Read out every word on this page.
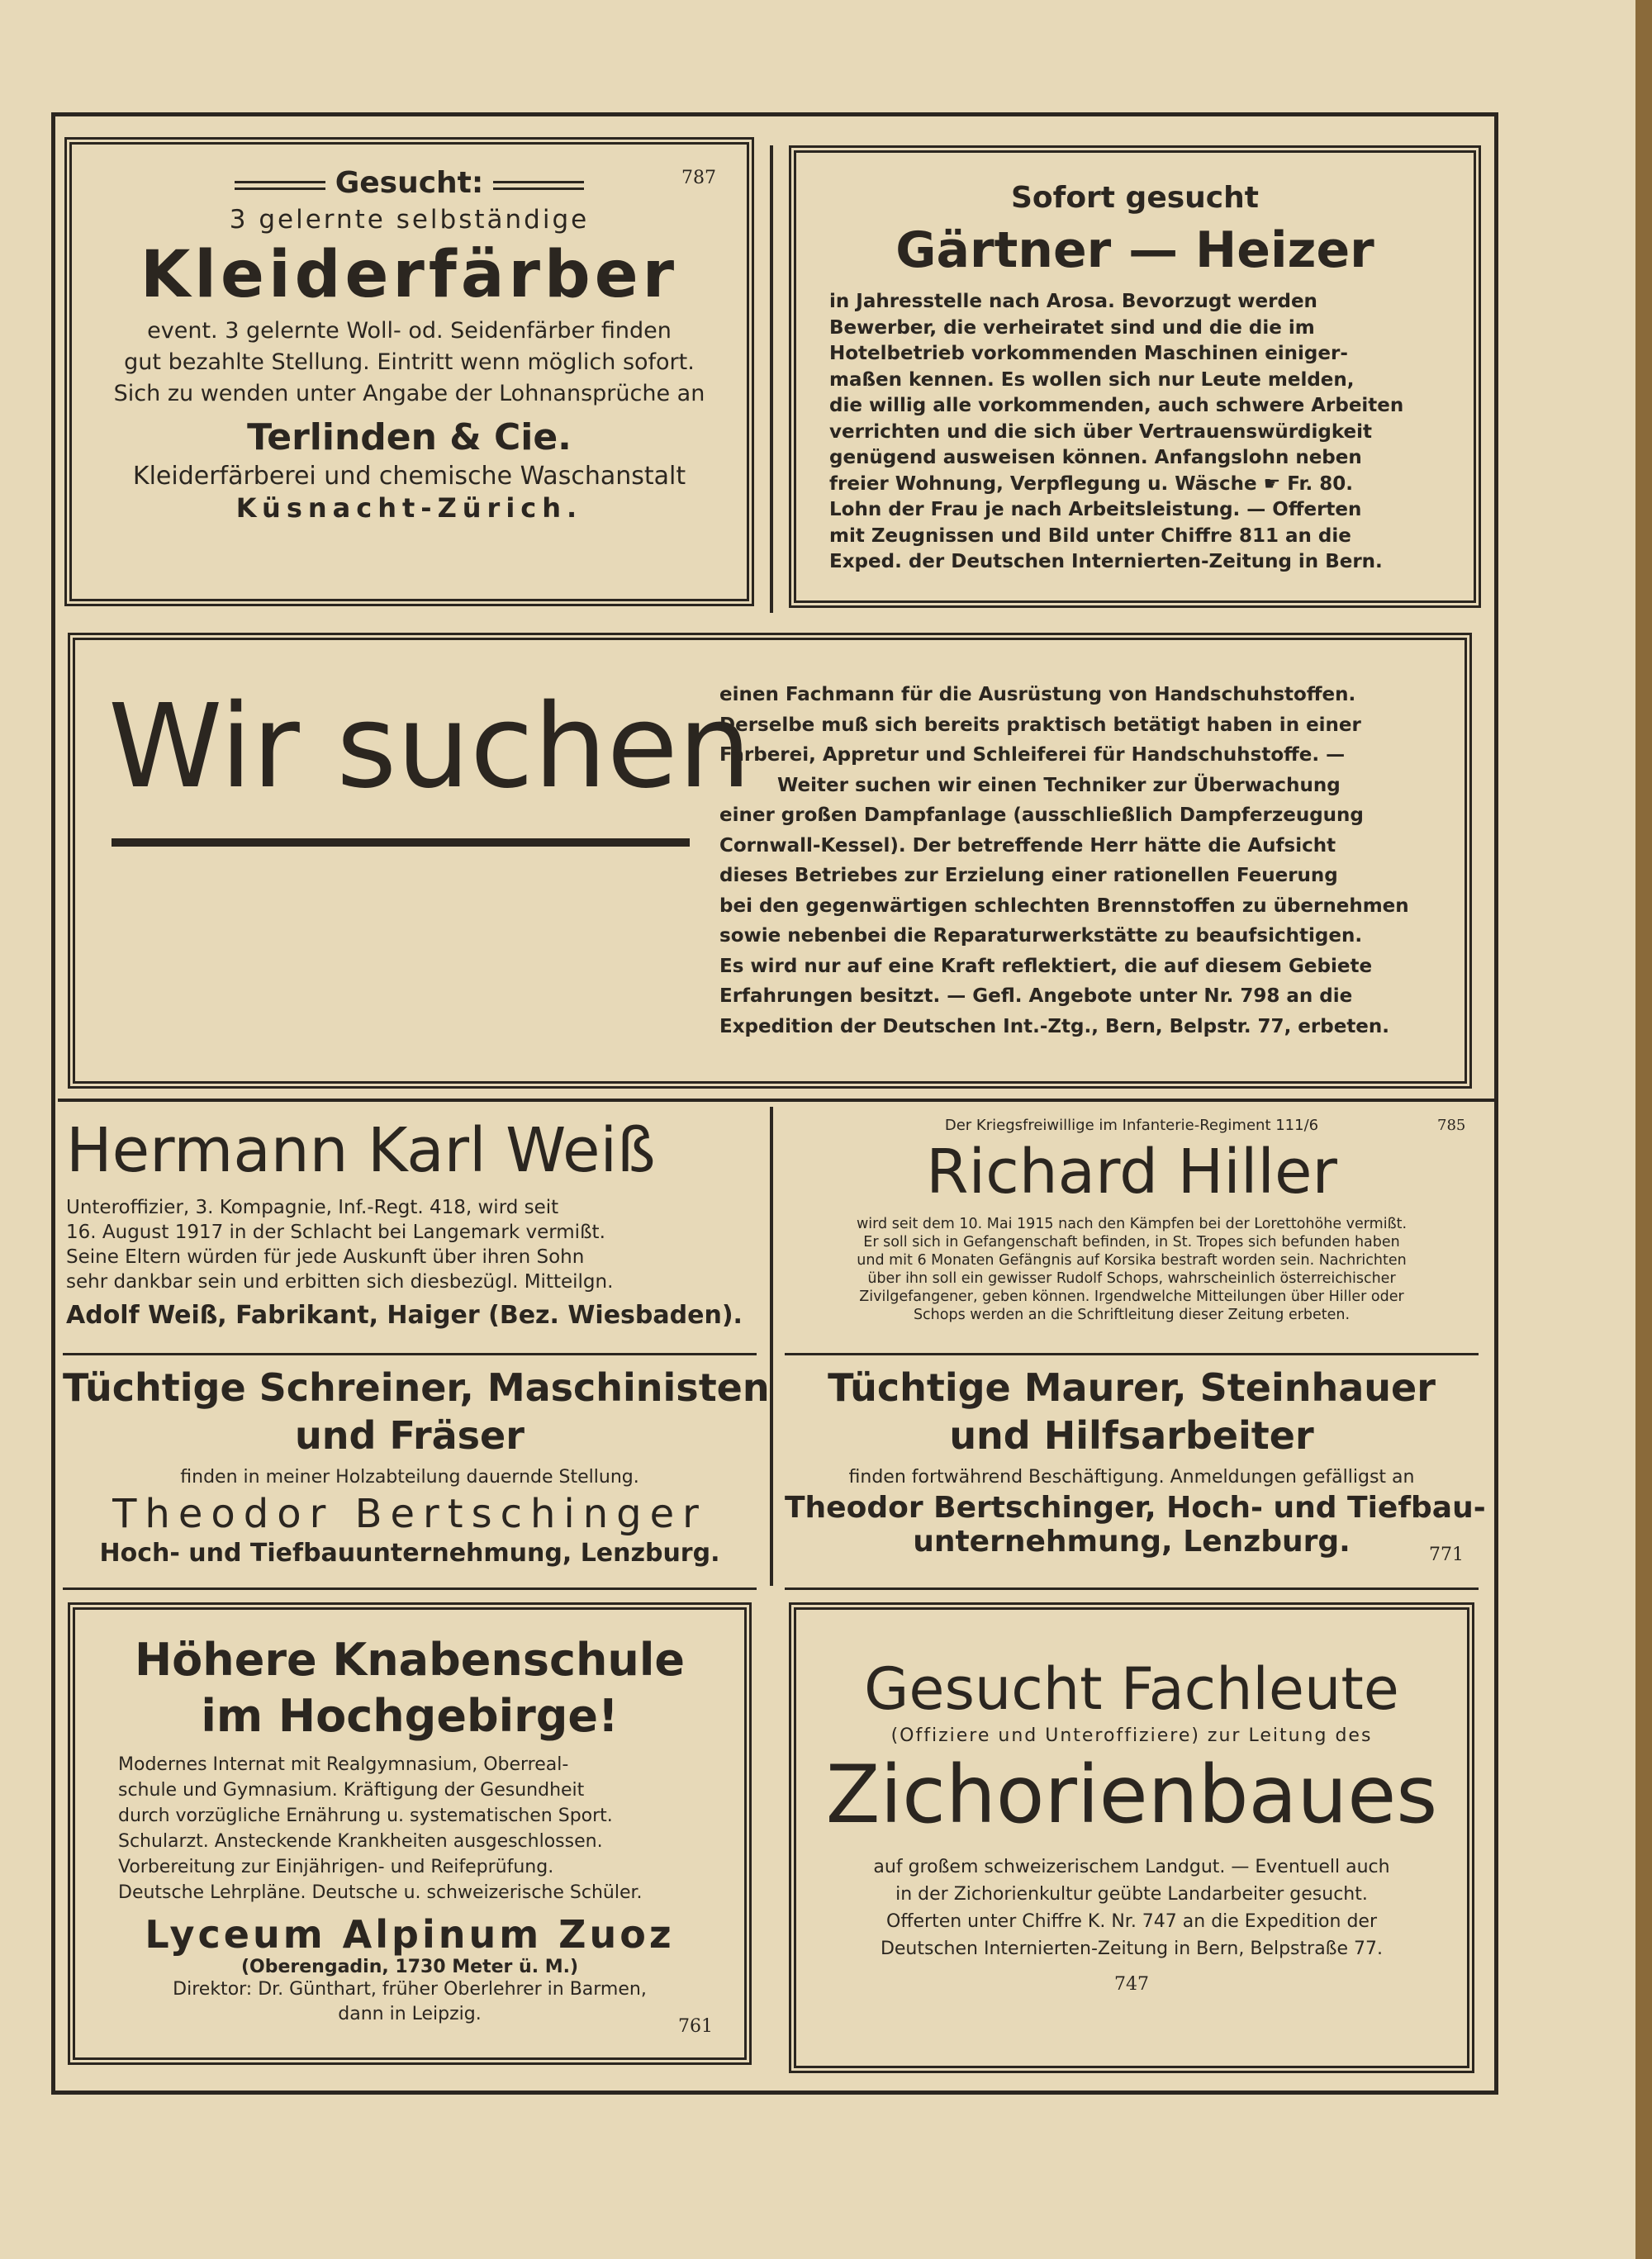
Gesucht:	787
3 gelernte selbständige
Kleiderfärber
event. 3 gelernte Woll- od. Seidenfärber finden
gut bezahlte Stellung. Eintritt wenn möglich sofort.
Sich zu wenden unter Angabe der Lohnansprüche an
Terlinden & Cie.
Kleiderfärberei und chemische Waschanstalt
Küsnacht-Zürich.
Sofort gesucht
Gärtner — Heizer
in Jahresstelle nach Arosa. Bevorzugt werden
Bewerber, die verheiratet sind und die die im
Hotelbetrieb vorkommenden Maschinen einiger-
maßen kennen. Es wollen sich nur Leute melden,
die willig alle vorkommenden, auch schwere Arbeiten
verrichten und die sich über Vertrauenswürdigkeit
genügend ausweisen können. Anfangslohn neben
freier Wohnung, Verpflegung u. Wäsche ☛ Fr. 80.
Lohn der Frau je nach Arbeitsleistung. — Offerten
mit Zeugnissen und Bild unter Chiffre 811 an die
Exped. der Deutschen Internierten-Zeitung in Bern.
Wir suchen
einen Fachmann für die Ausrüstung von Handschuhstoffen.
Derselbe muß sich bereits praktisch betätigt haben in einer
Färberei, Appretur und Schleiferei für Handschuhstoffe. —
Weiter suchen wir einen Techniker zur Überwachung
einer großen Dampfanlage (ausschließlich Dampferzeugung
Cornwall-Kessel). Der betreffende Herr hätte die Aufsicht
dieses Betriebes zur Erzielung einer rationellen Feuerung
bei den gegenwärtigen schlechten Brennstoffen zu übernehmen
sowie nebenbei die Reparaturwerkstätte zu beaufsichtigen.
Es wird nur auf eine Kraft reflektiert, die auf diesem Gebiete
Erfahrungen besitzt. — Gefl. Angebote unter Nr. 798 an die
Expedition der Deutschen Int.-Ztg., Bern, Belpstr. 77, erbeten.
Hermann Karl Weiß
Unteroffizier, 3. Kompagnie, Inf.-Regt. 418, wird seit
16. August 1917 in der Schlacht bei Langemark vermißt.
Seine Eltern würden für jede Auskunft über ihren Sohn
sehr dankbar sein und erbitten sich diesbezügl. Mitteilgn.
Adolf Weiß, Fabrikant, Haiger (Bez. Wiesbaden).
Der Kriegsfreiwillige im Infanterie-Regiment 111/6	785
Richard Hiller
wird seit dem 10. Mai 1915 nach den Kämpfen bei der Lorettohöhe vermißt.
Er soll sich in Gefangenschaft befinden, in St. Tropes sich befunden haben
und mit 6 Monaten Gefängnis auf Korsika bestraft worden sein. Nachrichten
über ihn soll ein gewisser Rudolf Schops, wahrscheinlich österreichischer
Zivilgefangener, geben können. Irgendwelche Mitteilungen über Hiller oder
Schops werden an die Schriftleitung dieser Zeitung erbeten.
Tüchtige Schreiner, Maschinisten
und Fräser
finden in meiner Holzabteilung dauernde Stellung.
Theodor Bertschinger
Hoch- und Tiefbauunternehmung, Lenzburg.
Tüchtige Maurer, Steinhauer
und Hilfsarbeiter
finden fortwährend Beschäftigung. Anmeldungen gefälligst an
Theodor Bertschinger, Hoch- und Tiefbau-
unternehmung, Lenzburg.	771
Höhere Knabenschule
im Hochgebirge!
Modernes Internat mit Realgymnasium, Oberreal-
schule und Gymnasium. Kräftigung der Gesundheit
durch vorzügliche Ernährung u. systematischen Sport.
Schularzt. Ansteckende Krankheiten ausgeschlossen.
Vorbereitung zur Einjährigen- und Reifeprüfung.
Deutsche Lehrpläne. Deutsche u. schweizerische Schüler.
Lyceum Alpinum Zuoz
(Oberengadin, 1730 Meter ü. M.)
Direktor: Dr. Günthart, früher Oberlehrer in Barmen,
dann in Leipzig.
761
Gesucht Fachleute
(Offiziere und Unteroffiziere) zur Leitung des
Zichorienbaues
auf großem schweizerischem Landgut. — Eventuell auch
in der Zichorienkultur geübte Landarbeiter gesucht.
Offerten unter Chiffre K. Nr. 747 an die Expedition der
Deutschen Internierten-Zeitung in Bern, Belpstraße 77.
747
